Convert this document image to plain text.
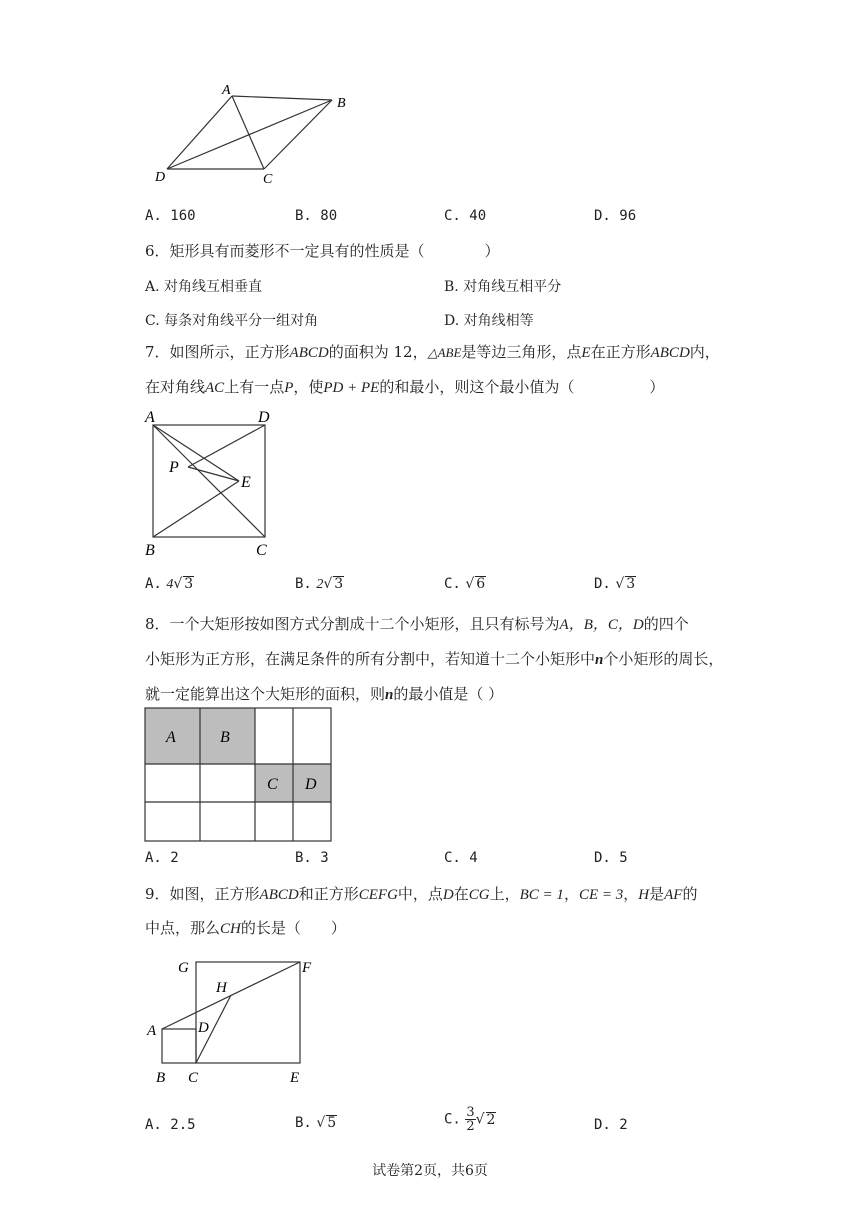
A
B
C
D
A. 160	B. 80	C. 40	D. 96
6．矩形具有而菱形不一定具有的性质是（　　　　）
A. 对角线互相垂直	B. 对角线互相平分
C. 每条对角线平分一组对角	D. 对角线相等
7．如图所示，正方形ABCD的面积为 12，△ABE是等边三角形，点E在正方形ABCD内，
在对角线AC上有一点P，使PD + PE的和最小，则这个最小值为（　　　　　）
A	D
P
E
B	C
A. 4√ 3	B. 2√ 3	C. √ 6	D. √ 3
8．一个大矩形按如图方式分割成十二个小矩形，且只有标号为A，B，C，D的四个
小矩形为正方形，在满足条件的所有分割中，若知道十二个小矩形中n个小矩形的周长，
就一定能算出这个大矩形的面积，则n的最小值是（ ）
A	B
C D
A. 2	B. 3	C. 4	D. 5
9．如图，正方形ABCD和正方形CEFG中，点D在CG上，BC = 1，CE = 3，H是AF的
中点，那么CH的长是（　　）
G	F
H
A	D
B C	E
A. 2.5	B. √ 5	C. $\frac{3}{2}$ √ 2	D. 2
试卷第2页，共6页
